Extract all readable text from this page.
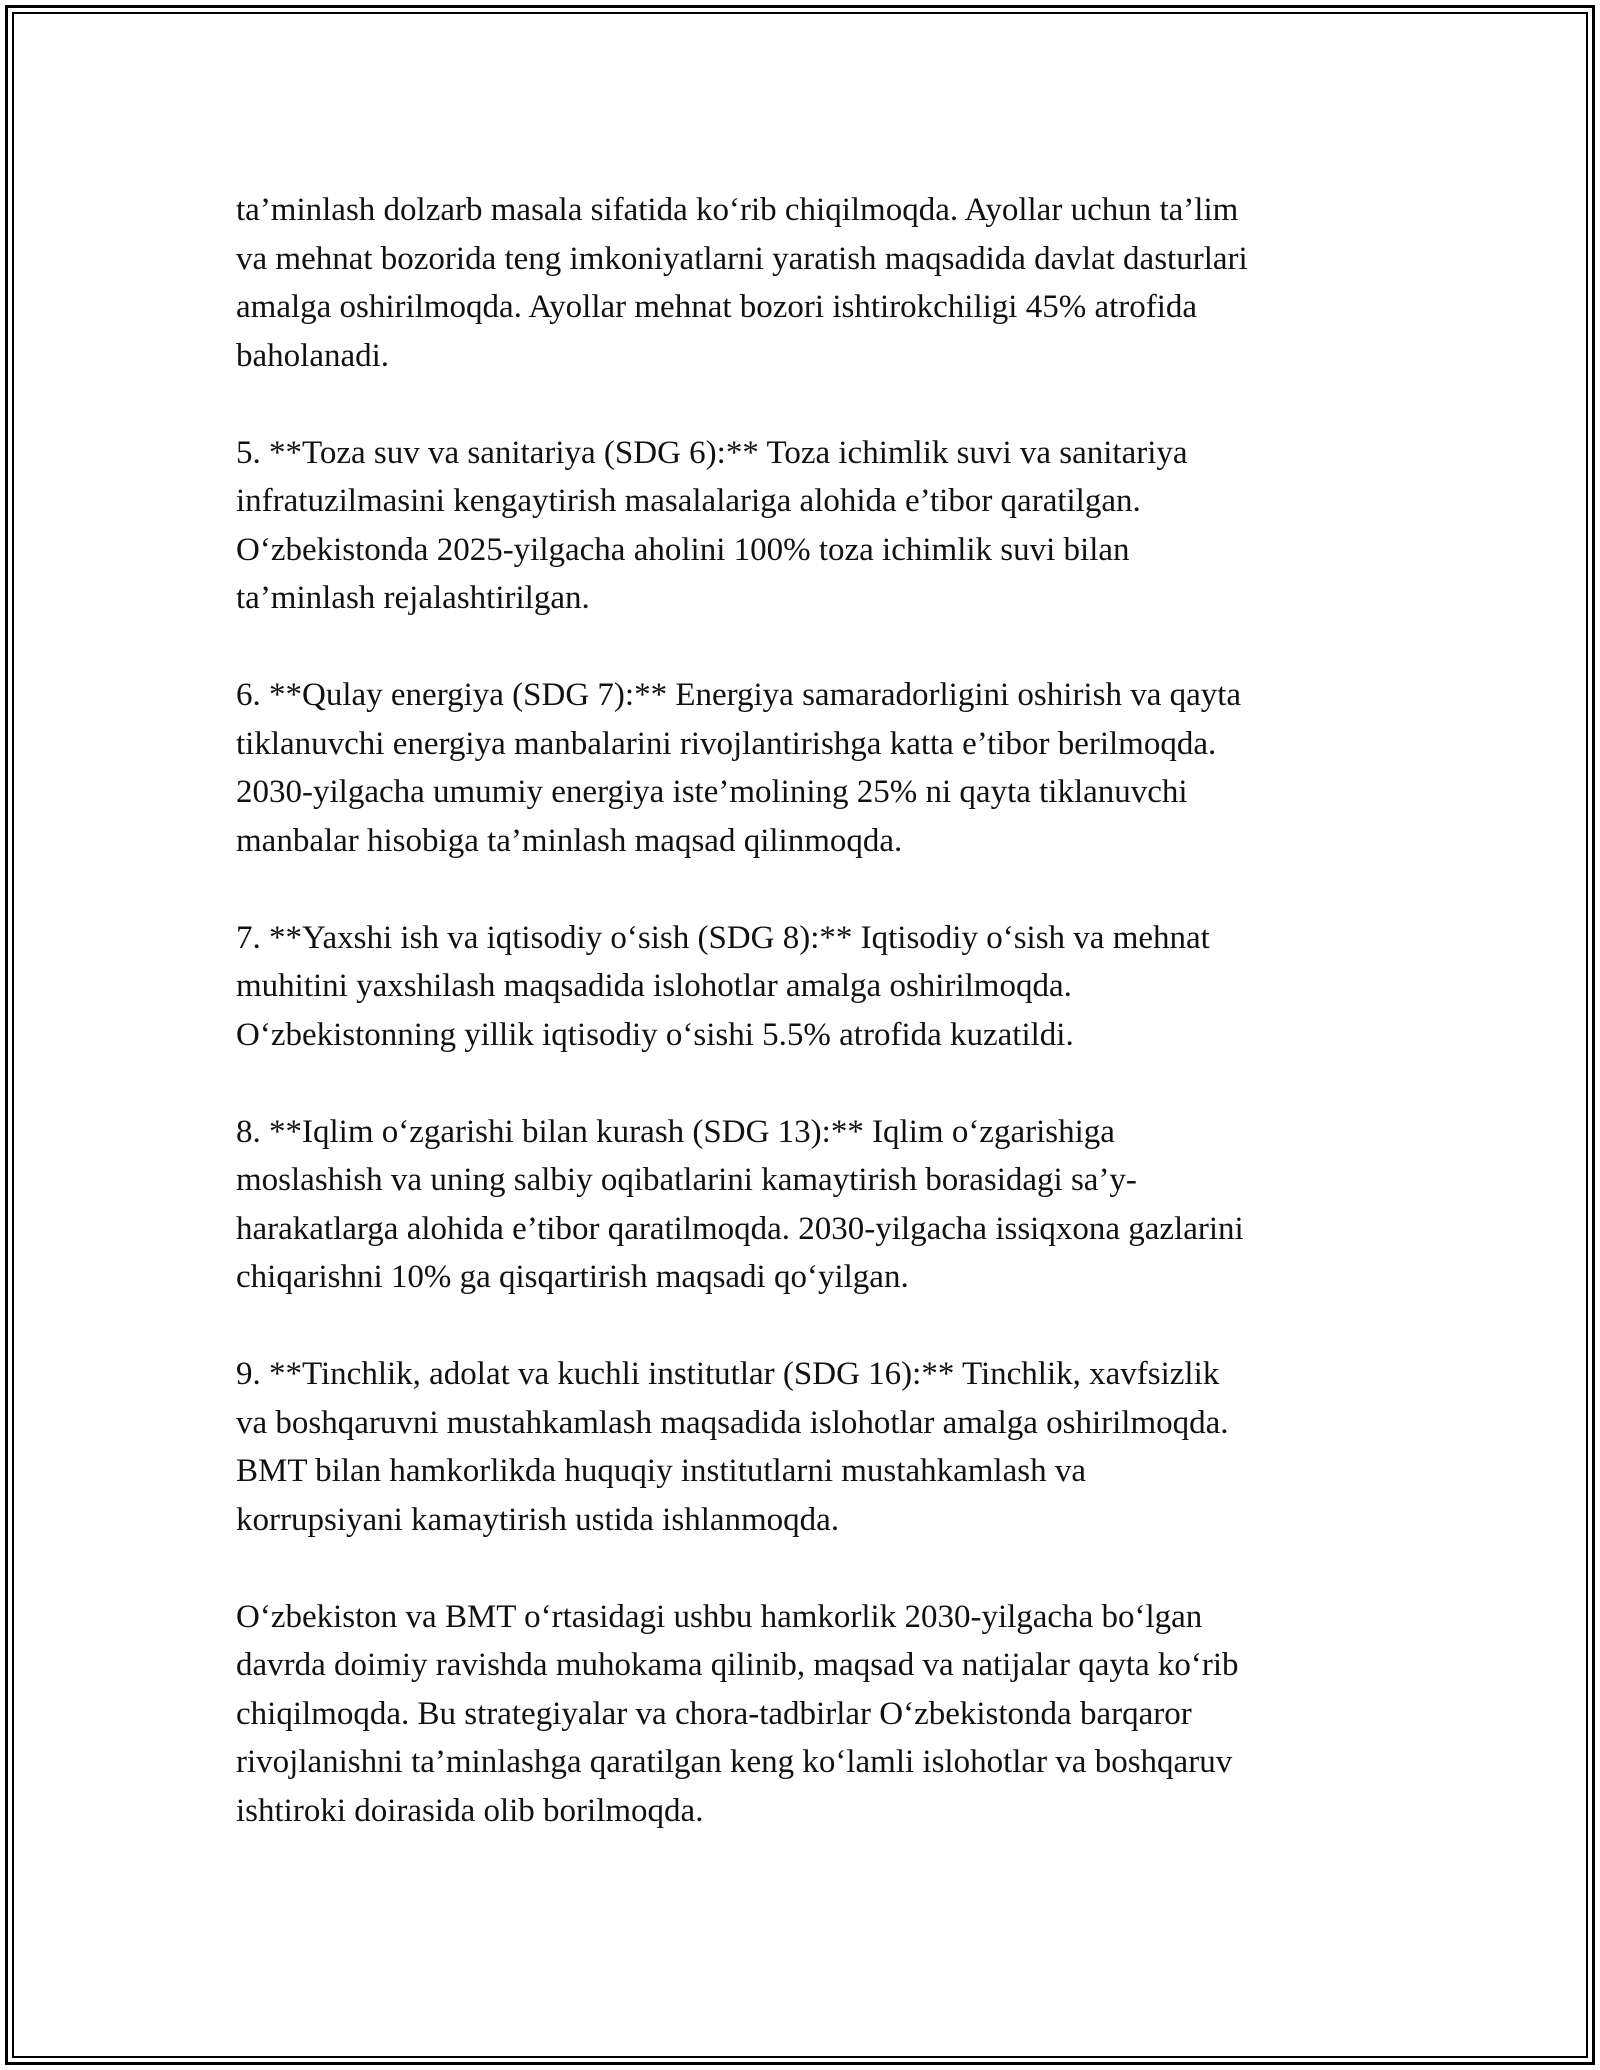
ta’minlash dolzarb masala sifatida ko‘rib chiqilmoqda. Ayollar uchun ta’lim
va mehnat bozorida teng imkoniyatlarni yaratish maqsadida davlat dasturlari
amalga oshirilmoqda. Ayollar mehnat bozori ishtirokchiligi 45% atrofida
baholanadi.
5. **Toza suv va sanitariya (SDG 6):** Toza ichimlik suvi va sanitariya
infratuzilmasini kengaytirish masalalariga alohida e’tibor qaratilgan.
O‘zbekistonda 2025-yilgacha aholini 100% toza ichimlik suvi bilan
ta’minlash rejalashtirilgan.
6. **Qulay energiya (SDG 7):** Energiya samaradorligini oshirish va qayta
tiklanuvchi energiya manbalarini rivojlantirishga katta e’tibor berilmoqda.
2030-yilgacha umumiy energiya iste’molining 25% ni qayta tiklanuvchi
manbalar hisobiga ta’minlash maqsad qilinmoqda.
7. **Yaxshi ish va iqtisodiy o‘sish (SDG 8):** Iqtisodiy o‘sish va mehnat
muhitini yaxshilash maqsadida islohotlar amalga oshirilmoqda.
O‘zbekistonning yillik iqtisodiy o‘sishi 5.5% atrofida kuzatildi.
8. **Iqlim o‘zgarishi bilan kurash (SDG 13):** Iqlim o‘zgarishiga
moslashish va uning salbiy oqibatlarini kamaytirish borasidagi sa’y-
harakatlarga alohida e’tibor qaratilmoqda. 2030-yilgacha issiqxona gazlarini
chiqarishni 10% ga qisqartirish maqsadi qo‘yilgan.
9. **Tinchlik, adolat va kuchli institutlar (SDG 16):** Tinchlik, xavfsizlik
va boshqaruvni mustahkamlash maqsadida islohotlar amalga oshirilmoqda.
BMT bilan hamkorlikda huquqiy institutlarni mustahkamlash va
korrupsiyani kamaytirish ustida ishlanmoqda.
O‘zbekiston va BMT o‘rtasidagi ushbu hamkorlik 2030-yilgacha bo‘lgan
davrda doimiy ravishda muhokama qilinib, maqsad va natijalar qayta ko‘rib
chiqilmoqda. Bu strategiyalar va chora-tadbirlar O‘zbekistonda barqaror
rivojlanishni ta’minlashga qaratilgan keng ko‘lamli islohotlar va boshqaruv
ishtiroki doirasida olib borilmoqda.
